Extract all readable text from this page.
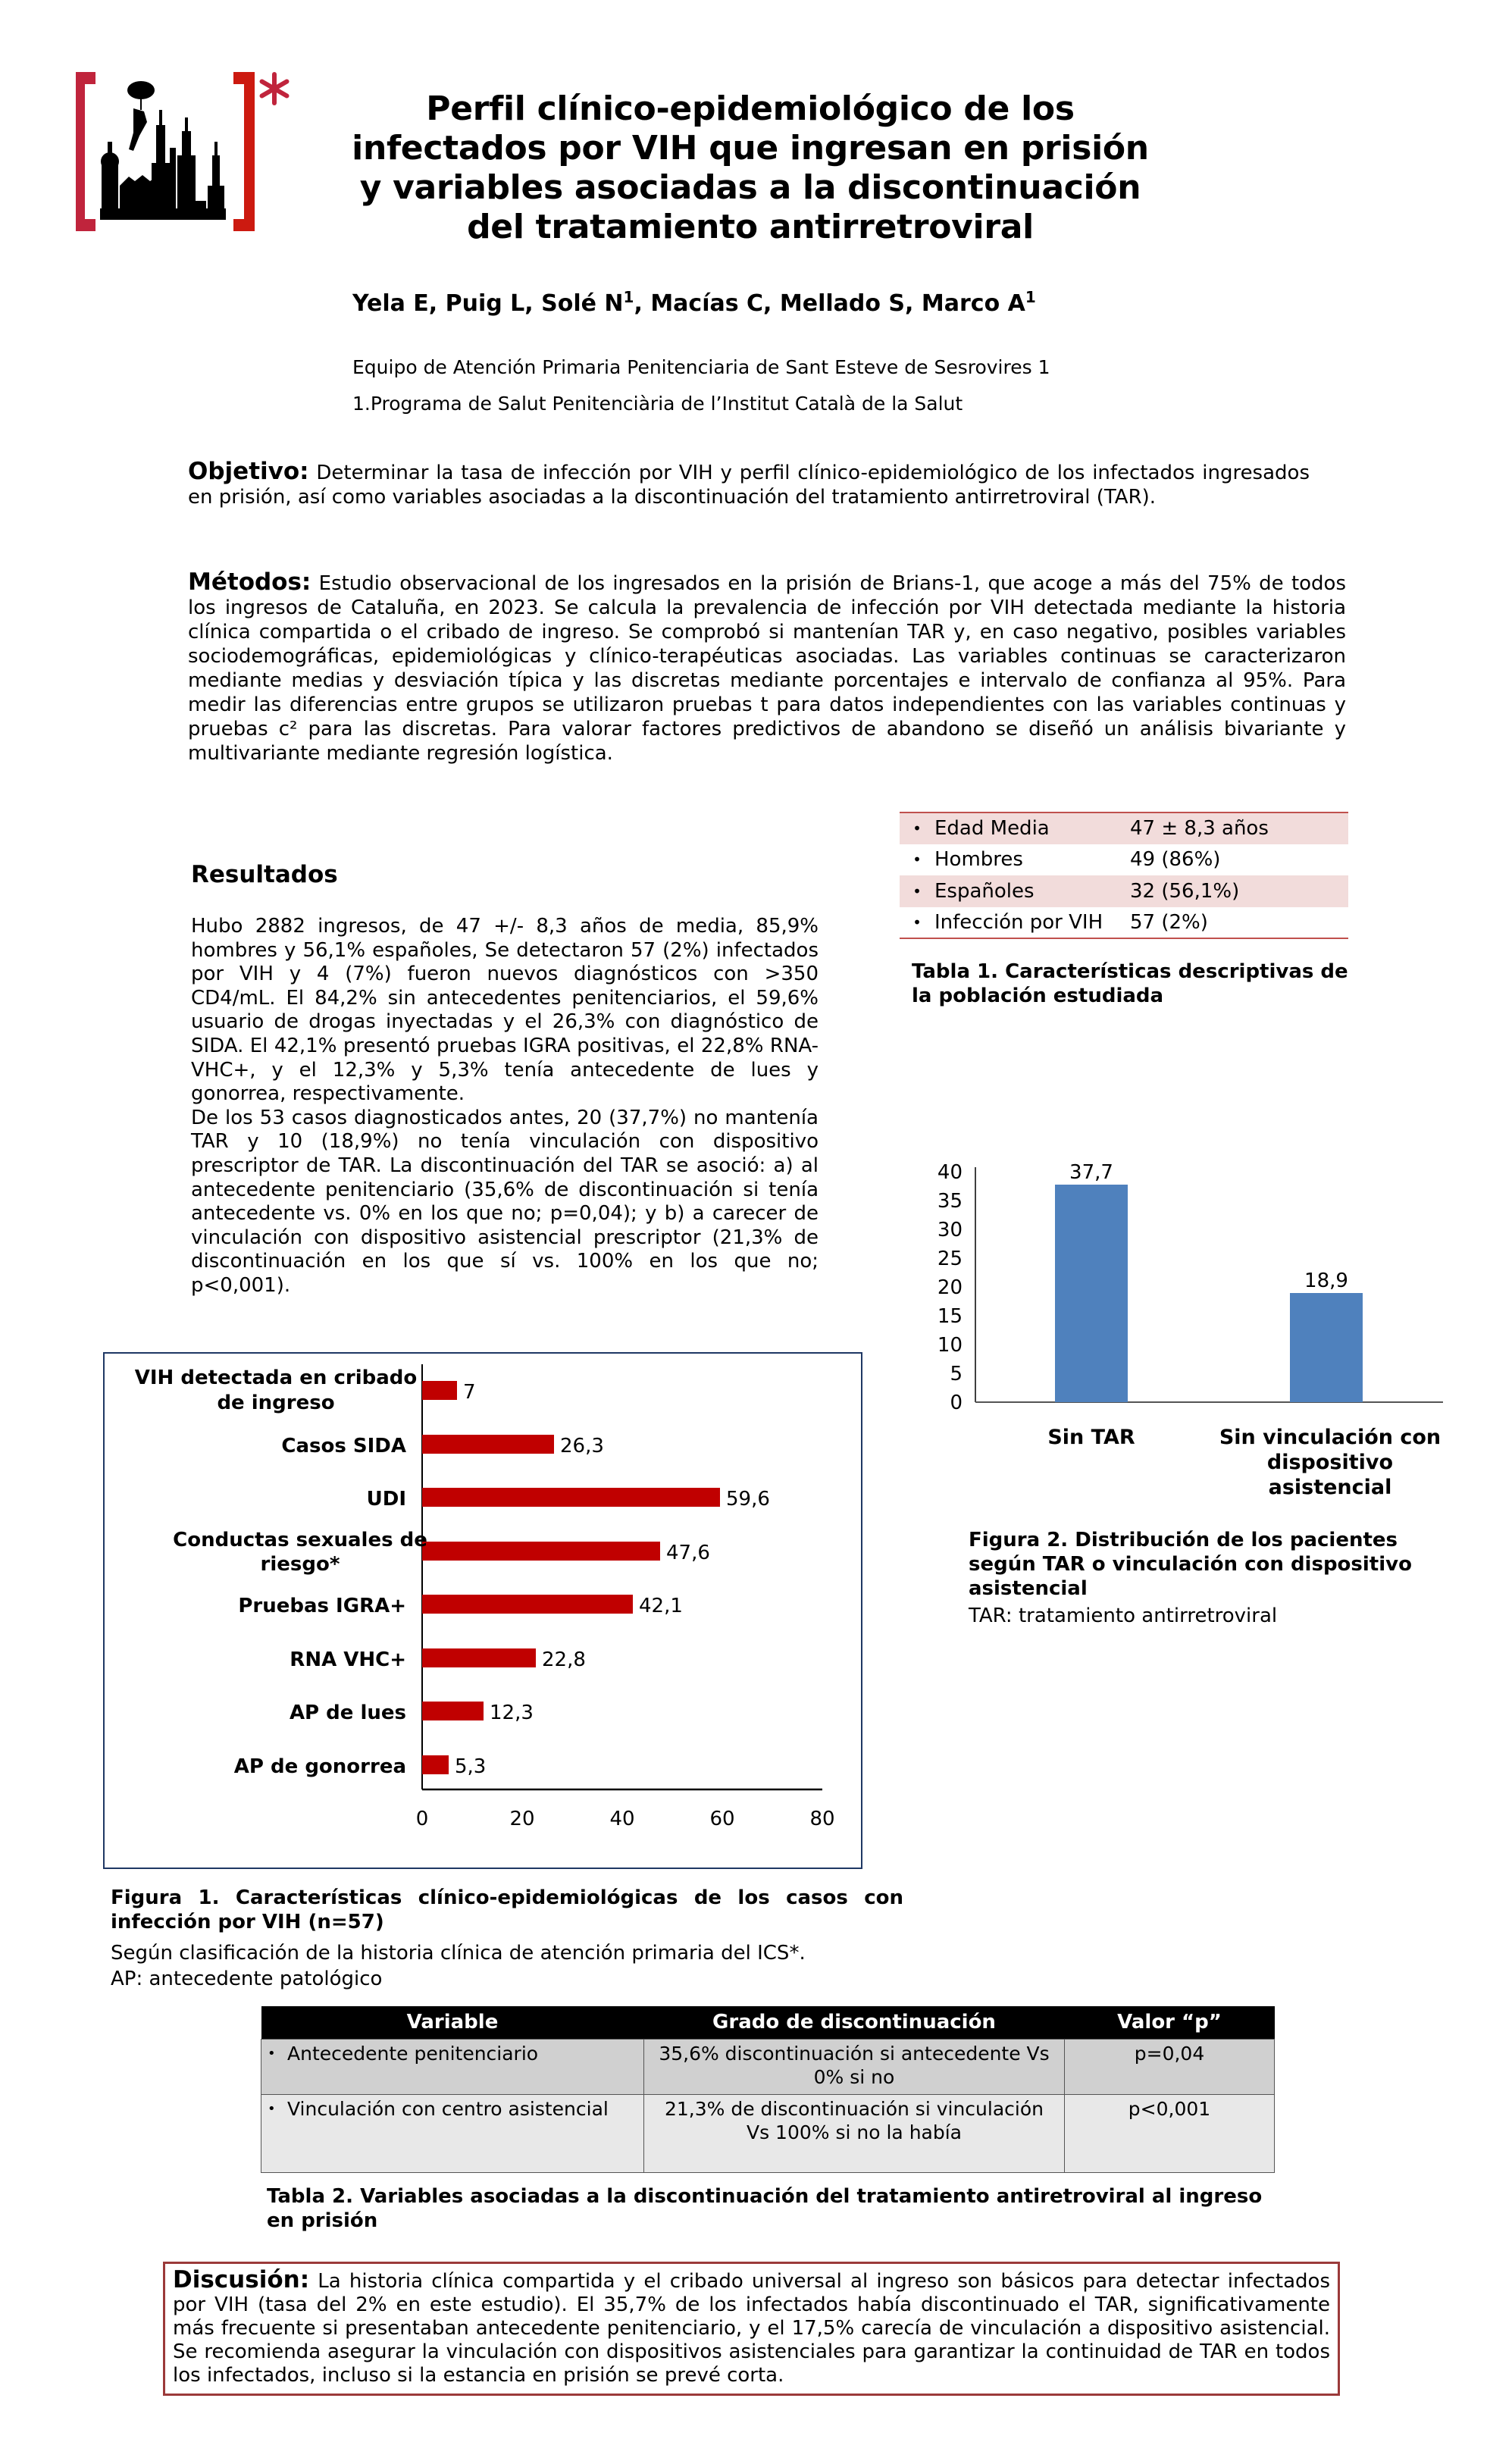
Perfil clínico-epidemiológico de los
infectados por VIH que ingresan en prisión
y variables asociadas a la discontinuación
del tratamiento antirretroviral
Yela E, Puig L, Solé $N^1$, Macías C, Mellado S, Marco $A^1$
Equipo de Atención Primaria Penitenciaria de Sant Esteve de Sesrovires 1
1.Programa de Salut Penitenciària de l’Institut Català de la Salut
Objetivo: Determinar la tasa de infección por VIH y perfil clínico-epidemiológico de los infectados ingresados en prisión, así como variables asociadas a la discontinuación del tratamiento antirretroviral (TAR).
Métodos: Estudio observacional de los ingresados en la prisión de Brians-1, que acoge a más del 75% de todos los ingresos de Cataluña, en 2023. Se calcula la prevalencia de infección por VIH detectada mediante la historia clínica compartida o el cribado de ingreso. Se comprobó si mantenían TAR y, en caso negativo, posibles variables sociodemográficas, epidemiológicas y clínico-terapéuticas asociadas. Las variables continuas se caracterizaron mediante medias y desviación típica y las discretas mediante porcentajes e intervalo de confianza al 95%. Para medir las diferencias entre grupos se utilizaron pruebas t para datos independientes con las variables continuas y pruebas c² para las discretas. Para valorar factores predictivos de abandono se diseñó un análisis bivariante y multivariante mediante regresión logística.
Resultados
Hubo 2882 ingresos, de 47 +/- 8,3 años de media, 85,9% hombres y 56,1% españoles, Se detectaron 57 (2%) infectados por VIH y 4 (7%) fueron nuevos diagnósticos con >350 CD4/mL. El 84,2% sin antecedentes penitenciarios, el 59,6% usuario de drogas inyectadas y el 26,3% con diagnóstico de SIDA. El 42,1% presentó pruebas IGRA positivas, el 22,8% RNA-VHC+, y el 12,3% y 5,3% tenía antecedente de lues y gonorrea, respectivamente.
De los 53 casos diagnosticados antes, 20 (37,7%) no mantenía TAR y 10 (18,9%) no tenía vinculación con dispositivo prescriptor de TAR. La discontinuación del TAR se asoció: a) al antecedente penitenciario (35,6% de discontinuación si tenía antecedente vs. 0% en los que no; p=0,04); y b) a carecer de vinculación con dispositivo asistencial prescriptor (21,3% de discontinuación en los que sí vs. 100% en los que no; p<0,001).
•	Edad Media	47 ± 8,3 años
•	Hombres	49 (86%)
•	Españoles	32 (56,1%)
•	Infección por VIH	57 (2%)
Tabla 1. Características descriptivas de la población estudiada
0
5
10
15
20
25
30
35
40	37,7
18,9
Sin TAR	Sin vinculación con
dispositivo
asistencial
Figura 2. Distribución de los pacientes según TAR o vinculación con dispositivo asistencial
TAR: tratamiento antirretroviral
7
26,3
59,6
47,6
42,1
22,8
12,3
5,3
VIH detectada en cribado
de ingreso
Casos SIDA
UDI
Pruebas IGRA+
RNA VHC+
AP de lues
AP de gonorrea
Conductas sexuales de
riesgo*
0	20	40	60	80
Figura 1. Características clínico-epidemiológicas de los casos con infección por VIH (n=57)
Según clasificación de la historia clínica de atención primaria del ICS*.
AP: antecedente patológico
Variable	Grado de discontinuación	Valor “p”
• Antecedente penitenciario	35,6% discontinuación si antecedente Vs 0% si no	p=0,04
• Vinculación con centro asistencial	21,3% de discontinuación si vinculación Vs 100% si no la había	p<0,001
Tabla 2. Variables asociadas a la discontinuación del tratamiento antiretroviral al ingreso en prisión
Discusión: La historia clínica compartida y el cribado universal al ingreso son básicos para detectar infectados por VIH (tasa del 2% en este estudio). El 35,7% de los infectados había discontinuado el TAR, significativamente más frecuente si presentaban antecedente penitenciario, y el 17,5% carecía de vinculación a dispositivo asistencial. Se recomienda asegurar la vinculación con dispositivos asistenciales para garantizar la continuidad de TAR en todos los infectados, incluso si la estancia en prisión se prevé corta.
